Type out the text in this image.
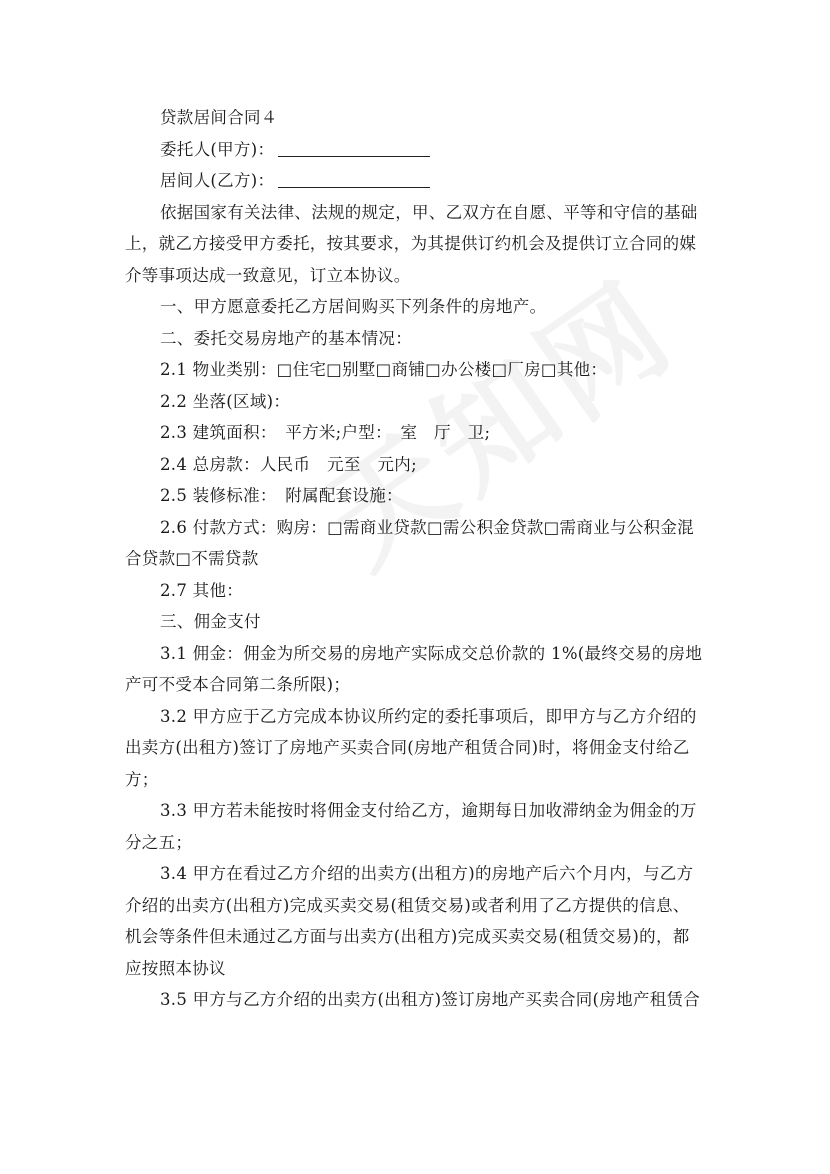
贷款居间合同４

委托人(甲方)：

居间人(乙方)：

依据国家有关法律、法规的规定，甲、乙双方在自愿、平等和守信的基础上，就乙方接受甲方委托，按其要求，为其提供订约机会及提供订立合同的媒介等事项达成一致意见，订立本协议。

一、甲方愿意委托乙方居间购买下列条件的房地产。

二、委托交易房地产的基本情况：

2.1 物业类别：□住宅□别墅□商铺□办公楼□厂房□其他：

2.2 坐落(区域)：

2.3 建筑面积：　平方米;户型：　室　厅　卫;

2.4 总房款：人民币　元至　元内;

2.5 装修标准：　附属配套设施：

2.6 付款方式：购房：□需商业贷款□需公积金贷款□需商业与公积金混合贷款□不需贷款

2.7 其他：

三、佣金支付

3.1 佣金：佣金为所交易的房地产实际成交总价款的 1%(最终交易的房地产可不受本合同第二条所限)；

3.2 甲方应于乙方完成本协议所约定的委托事项后，即甲方与乙方介绍的出卖方(出租方)签订了房地产买卖合同(房地产租赁合同)时，将佣金支付给乙方；

3.3 甲方若未能按时将佣金支付给乙方，逾期每日加收滞纳金为佣金的万分之五；

3.4 甲方在看过乙方介绍的出卖方(出租方)的房地产后六个月内，与乙方介绍的出卖方(出租方)完成买卖交易(租赁交易)或者利用了乙方提供的信息、机会等条件但未通过乙方面与出卖方(出租方)完成买卖交易(租赁交易)的，都应按照本协议

3.5 甲方与乙方介绍的出卖方(出租方)签订房地产买卖合同(房地产租赁合
